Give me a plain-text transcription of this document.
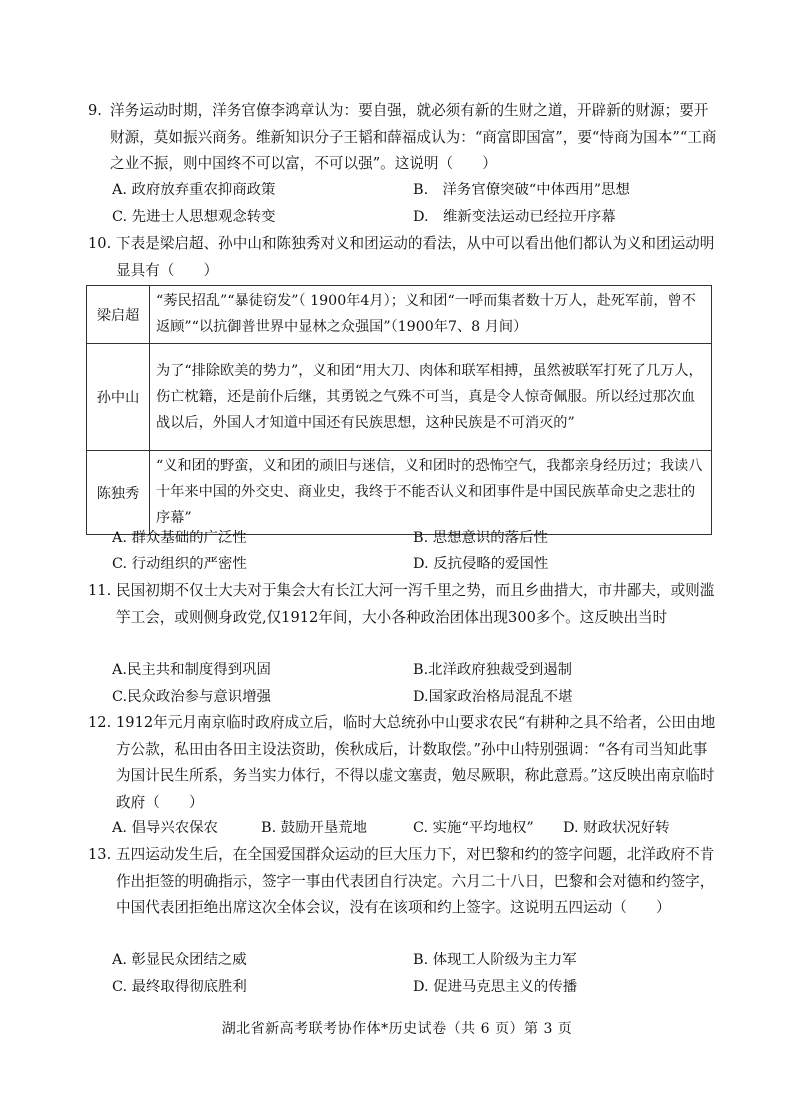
9. 洋务运动时期，洋务官僚李鸿章认为：要自强，就必须有新的生财之道，开辟新的财源；要开财源，莫如振兴商务。维新知识分子王韬和薛福成认为：“商富即国富”，要“恃商为国本”“工商之业不振，则中国终不可以富，不可以强”。这说明（　　）

A. 政府放弃重农抑商政策	B.　洋务官僚突破“中体西用”思想
C. 先进士人思想观念转变	D.　维新变法运动已经拉开序幕
10. 下表是梁启超、孙中山和陈独秀对义和团运动的看法，从中可以看出他们都认为义和团运动明显具有（　　）

梁启超	“莠民招乱”“暴徒窃发”（ 1900年4月）；义和团“一呼而集者数十万人，赴死军前，曾不返顾”“以抗御普世界中显林之众强国”（1900年7、8 月间）
孙中山	为了“排除欧美的势力”，义和团“用大刀、肉体和联军相搏，虽然被联军打死了几万人，伤亡枕籍，还是前仆后继，其勇锐之气殊不可当，真是令人惊奇佩服。所以经过那次血战以后，外国人才知道中国还有民族思想，这种民族是不可消灭的”
陈独秀	“义和团的野蛮，义和团的顽旧与迷信，义和团时的恐怖空气，我都亲身经历过；我读八十年来中国的外交史、商业史，我终于不能否认义和团事件是中国民族革命史之悲壮的序幕”
A. 群众基础的广泛性	B. 思想意识的落后性
C. 行动组织的严密性	D. 反抗侵略的爱国性
11. 民国初期不仅士大夫对于集会大有长江大河一泻千里之势，而且乡曲措大，市井鄙夫，或则滥竽工会，或则侧身政党,仅1912年间，大小各种政治团体出现300多个。这反映出当时

A.民主共和制度得到巩固	B.北洋政府独裁受到遏制
C.民众政治参与意识增强	D.国家政治格局混乱不堪
12. 1912年元月南京临时政府成立后，临时大总统孙中山要求农民“有耕种之具不给者，公田由地方公款，私田由各田主设法资助，俟秋成后，计数取偿。”孙中山特别强调：“各有司当知此事为国计民生所系，务当实力体行，不得以虚文塞责，勉尽厥职，称此意焉。”这反映出南京临时政府（　　）

A. 倡导兴农保农	B. 鼓励开垦荒地	C. 实施“平均地权” D. 财政状况好转
13. 五四运动发生后，在全国爱国群众运动的巨大压力下，对巴黎和约的签字问题，北洋政府不肯作出拒签的明确指示，签字一事由代表团自行决定。六月二十八日，巴黎和会对德和约签字，中国代表团拒绝出席这次全体会议，没有在该项和约上签字。这说明五四运动（　　）

A. 彰显民众团结之威	B. 体现工人阶级为主力军
C. 最终取得彻底胜利	D. 促进马克思主义的传播
湖北省新高考联考协作体*历史试卷（共 6 页）第 3 页
